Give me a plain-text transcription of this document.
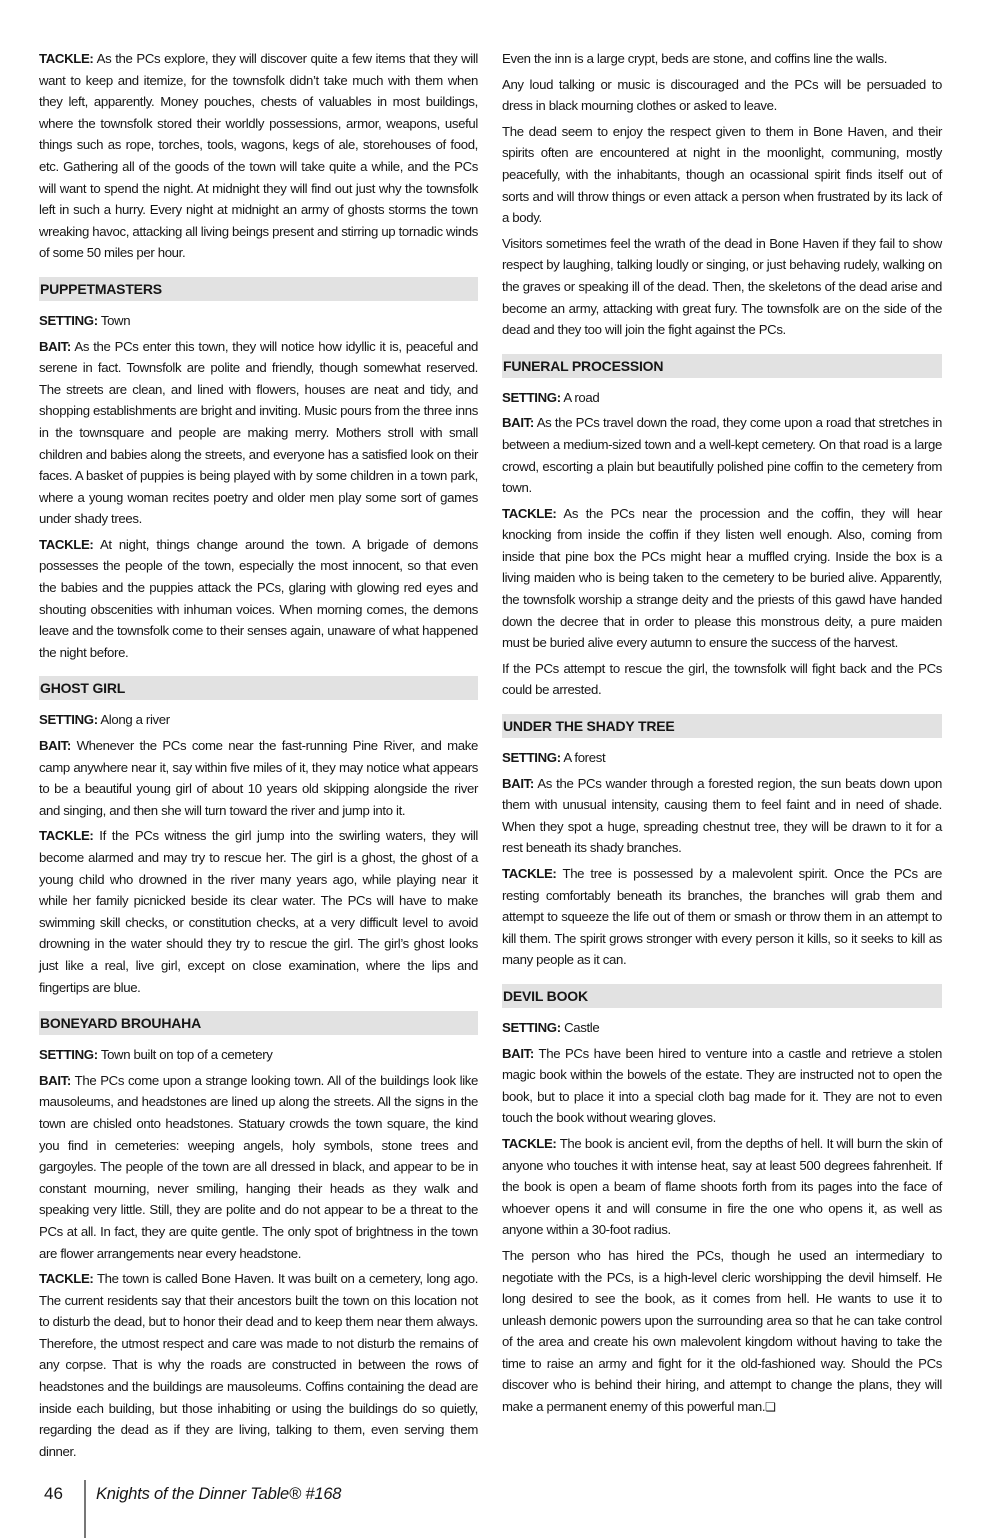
TACKLE: As the PCs explore, they will discover quite a few items that they will want to keep and itemize, for the townsfolk didn’t take much with them when they left, apparently. Money pouches, chests of valuables in most buildings, where the townsfolk stored their worldly possessions, armor, weapons, useful things such as rope, torches, tools, wagons, kegs of ale, storehouses of food, etc. Gathering all of the goods of the town will take quite a while, and the PCs will want to spend the night. At midnight they will find out just why the townsfolk left in such a hurry. Every night at midnight an army of ghosts storms the town wreaking havoc, attacking all living beings present and stirring up tornadic winds of some 50 miles per hour.

PUPPETMASTERS

SETTING: Town

BAIT: As the PCs enter this town, they will notice how idyllic it is, peaceful and serene in fact. Townsfolk are polite and friendly, though somewhat reserved. The streets are clean, and lined with flowers, houses are neat and tidy, and shopping establishments are bright and inviting. Music pours from the three inns in the townsquare and people are making merry. Mothers stroll with small children and babies along the streets, and everyone has a satisfied look on their faces. A basket of puppies is being played with by some children in a town park, where a young woman recites poetry and older men play some sort of games under shady trees.

TACKLE: At night, things change around the town. A brigade of demons possesses the people of the town, especially the most innocent, so that even the babies and the puppies attack the PCs, glaring with glowing red eyes and shouting obscenities with inhuman voices. When morning comes, the demons leave and the townsfolk come to their senses again, unaware of what happened the night before.

GHOST GIRL

SETTING: Along a river

BAIT: Whenever the PCs come near the fast-running Pine River, and make camp anywhere near it, say within five miles of it, they may notice what appears to be a beautiful young girl of about 10 years old skipping alongside the river and singing, and then she will turn toward the river and jump into it.

TACKLE: If the PCs witness the girl jump into the swirling waters, they will become alarmed and may try to rescue her. The girl is a ghost, the ghost of a young child who drowned in the river many years ago, while playing near it while her family picnicked beside its clear water. The PCs will have to make swimming skill checks, or constitution checks, at a very difficult level to avoid drowning in the water should they try to rescue the girl. The girl’s ghost looks just like a real, live girl, except on close examination, where the lips and fingertips are blue.

BONEYARD BROUHAHA

SETTING: Town built on top of a cemetery

BAIT: The PCs come upon a strange looking town. All of the buildings look like mausoleums, and headstones are lined up along the streets. All the signs in the town are chisled onto headstones. Statuary crowds the town square, the kind you find in cemeteries: weeping angels, holy symbols, stone trees and gargoyles. The people of the town are all dressed in black, and appear to be in constant mourning, never smiling, hanging their heads as they walk and speaking very little. Still, they are polite and do not appear to be a threat to the PCs at all. In fact, they are quite gentle. The only spot of brightness in the town are flower arrangements near every headstone.

TACKLE: The town is called Bone Haven. It was built on a cemetery, long ago. The current residents say that their ancestors built the town on this location not to disturb the dead, but to honor their dead and to keep them near them always. Therefore, the utmost respect and care was made to not disturb the remains of any corpse. That is why the roads are constructed in between the rows of headstones and the buildings are mausoleums. Coffins containing the dead are inside each building, but those inhabiting or using the buildings do so quietly, regarding the dead as if they are living, talking to them, even serving them dinner.

Even the inn is a large crypt, beds are stone, and coffins line the walls.

Any loud talking or music is discouraged and the PCs will be persuaded to dress in black mourning clothes or asked to leave.

The dead seem to enjoy the respect given to them in Bone Haven, and their spirits often are encountered at night in the moonlight, communing, mostly peacefully, with the inhabitants, though an ocassional spirit finds itself out of sorts and will throw things or even attack a person when frustrated by its lack of a body.

Visitors sometimes feel the wrath of the dead in Bone Haven if they fail to show respect by laughing, talking loudly or singing, or just behaving rudely, walking on the graves or speaking ill of the dead. Then, the skeletons of the dead arise and become an army, attacking with great fury. The townsfolk are on the side of the dead and they too will join the fight against the PCs.

FUNERAL PROCESSION

SETTING: A road

BAIT: As the PCs travel down the road, they come upon a road that stretches in between a medium-sized town and a well-kept cemetery. On that road is a large crowd, escorting a plain but beautifully polished pine coffin to the cemetery from town.

TACKLE: As the PCs near the procession and the coffin, they will hear knocking from inside the coffin if they listen well enough. Also, coming from inside that pine box the PCs might hear a muffled crying. Inside the box is a living maiden who is being taken to the cemetery to be buried alive. Apparently, the townsfolk worship a strange deity and the priests of this gawd have handed down the decree that in order to please this monstrous deity, a pure maiden must be buried alive every autumn to ensure the success of the harvest.

If the PCs attempt to rescue the girl, the townsfolk will fight back and the PCs could be arrested.

UNDER THE SHADY TREE

SETTING: A forest

BAIT: As the PCs wander through a forested region, the sun beats down upon them with unusual intensity, causing them to feel faint and in need of shade. When they spot a huge, spreading chestnut tree, they will be drawn to it for a rest beneath its shady branches.

TACKLE: The tree is possessed by a malevolent spirit. Once the PCs are resting comfortably beneath its branches, the branches will grab them and attempt to squeeze the life out of them or smash or throw them in an attempt to kill them. The spirit grows stronger with every person it kills, so it seeks to kill as many people as it can.

DEVIL BOOK

SETTING: Castle

BAIT: The PCs have been hired to venture into a castle and retrieve a stolen magic book within the bowels of the estate. They are instructed not to open the book, but to place it into a special cloth bag made for it. They are not to even touch the book without wearing gloves.

TACKLE: The book is ancient evil, from the depths of hell. It will burn the skin of anyone who touches it with intense heat, say at least 500 degrees fahrenheit. If the book is open a beam of flame shoots forth from its pages into the face of whoever opens it and will consume in fire the one who opens it, as well as anyone within a 30-foot radius.

The person who has hired the PCs, though he used an intermediary to negotiate with the PCs, is a high-level cleric worshipping the devil himself. He long desired to see the book, as it comes from hell. He wants to use it to unleash demonic powers upon the surrounding area so that he can take control of the area and create his own malevolent kingdom without having to take the time to raise an army and fight for it the old-fashioned way. Should the PCs discover who is behind their hiring, and attempt to change the plans, they will make a permanent enemy of this powerful man.❏

46 Knights of the Dinner Table® #168
